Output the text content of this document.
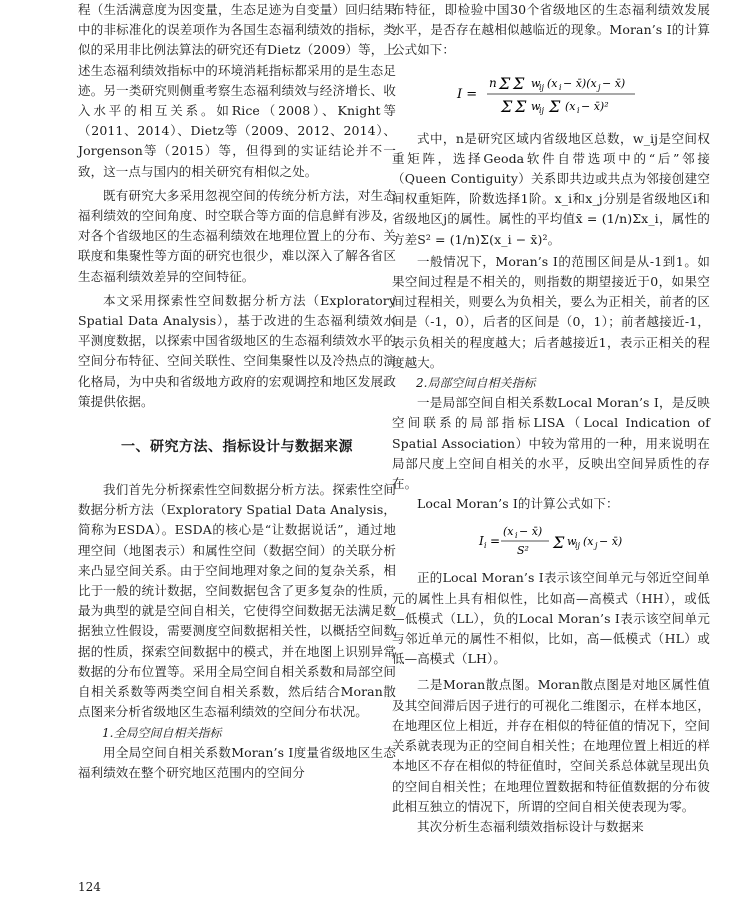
程（生活满意度为因变量，生态足迹为自变量）回归结果中的非标准化的误差项作为各国生态福利绩效的指标，类似的采用非比例法算法的研究还有Dietz（2009）等，上述生态福利绩效指标中的环境消耗指标都采用的是生态足迹。另一类研究则侧重考察生态福利绩效与经济增长、收入水平的相互关系。如Rice（2008）、Knight等（2011、2014）、Dietz等（2009、2012、2014）、Jorgenson等（2015）等，但得到的实证结论并不一致，这一点与国内的相关研究有相似之处。

既有研究大多采用忽视空间的传统分析方法，对生态福利绩效的空间角度、时空联合等方面的信息鲜有涉及，对各个省级地区的生态福利绩效在地理位置上的分布、关联度和集聚性等方面的研究也很少，难以深入了解各省区生态福利绩效差异的空间特征。

本文采用探索性空间数据分析方法（Exploratory Spatial Data Analysis），基于改进的生态福利绩效水平测度数据，以探索中国省级地区的生态福利绩效水平的空间分布特征、空间关联性、空间集聚性以及冷热点的演化格局，为中央和省级地方政府的宏观调控和地区发展政策提供依据。

一、研究方法、指标设计与数据来源

我们首先分析探索性空间数据分析方法。探索性空间数据分析方法（Exploratory Spatial Data Analysis，简称为ESDA）。ESDA的核心是“让数据说话”，通过地理空间（地图表示）和属性空间（数据空间）的关联分析来凸显空间关系。由于空间地理对象之间的复杂关系，相比于一般的统计数据，空间数据包含了更多复杂的性质，最为典型的就是空间自相关，它使得空间数据无法满足数据独立性假设，需要测度空间数据相关性，以概括空间数据的性质，探索空间数据中的模式，并在地图上识别异常数据的分布位置等。采用全局空间自相关系数和局部空间自相关系数等两类空间自相关系数，然后结合Moran散点图来分析省级地区生态福利绩效的空间分布状况。

1.全局空间自相关指标

用全局空间自相关系数Moran’s I度量省级地区生态福利绩效在整个研究地区范围内的空间分

布特征，即检验中国30个省级地区的生态福利绩效发展水平，是否存在越相似越临近的现象。Moran’s I的计算公式如下：

I =
n Σ Σ w
ij (x i − x̄)(x j − x̄)
Σ Σ w
ij Σ (x i − x̄)²

式中，n是研究区域内省级地区总数，w_ij是空间权重矩阵，选择Geoda软件自带选项中的“后”邻接（Queen Contiguity）关系即共边或共点为邻接创建空间权重矩阵，阶数选择1阶。x_i和x_j分别是省级地区i和省级地区j的属性。属性的平均值x̄ = (1/n)Σx_i，属性的方差S² = (1/n)Σ(x_i − x̄)²。

一般情况下，Moran’s I的范围区间是从-1到1。如果空间过程是不相关的，则指数的期望接近于0，如果空间过程相关，则要么为负相关，要么为正相关，前者的区间是（-1，0），后者的区间是（0，1）；前者越接近-1，表示负相关的程度越大；后者越接近1，表示正相关的程度越大。

2.局部空间自相关指标

一是局部空间自相关系数Local Moran’s I，是反映空间联系的局部指标LISA（Local Indication of Spatial Association）中较为常用的一种，用来说明在局部尺度上空间自相关的水平，反映出空间异质性的存在。

Local Moran’s I的计算公式如下：

I i =
(x i − x̄)
S² Σ w
ij (x j − x̄)

正的Local Moran’s I表示该空间单元与邻近空间单元的属性上具有相似性，比如高—高模式（HH），或低—低模式（LL），负的Local Moran’s I表示该空间单元与邻近单元的属性不相似，比如，高—低模式（HL）或低—高模式（LH）。

二是Moran散点图。Moran散点图是对地区属性值及其空间滞后因子进行的可视化二维图示，在样本地区，在地理区位上相近，并存在相似的特征值的情况下，空间关系就表现为正的空间自相关性；在地理位置上相近的样本地区不存在相似的特征值时，空间关系总体就呈现出负的空间自相关性；在地理位置数据和特征值数据的分布彼此相互独立的情况下，所谓的空间自相关使表现为零。

其次分析生态福利绩效指标设计与数据来

124
